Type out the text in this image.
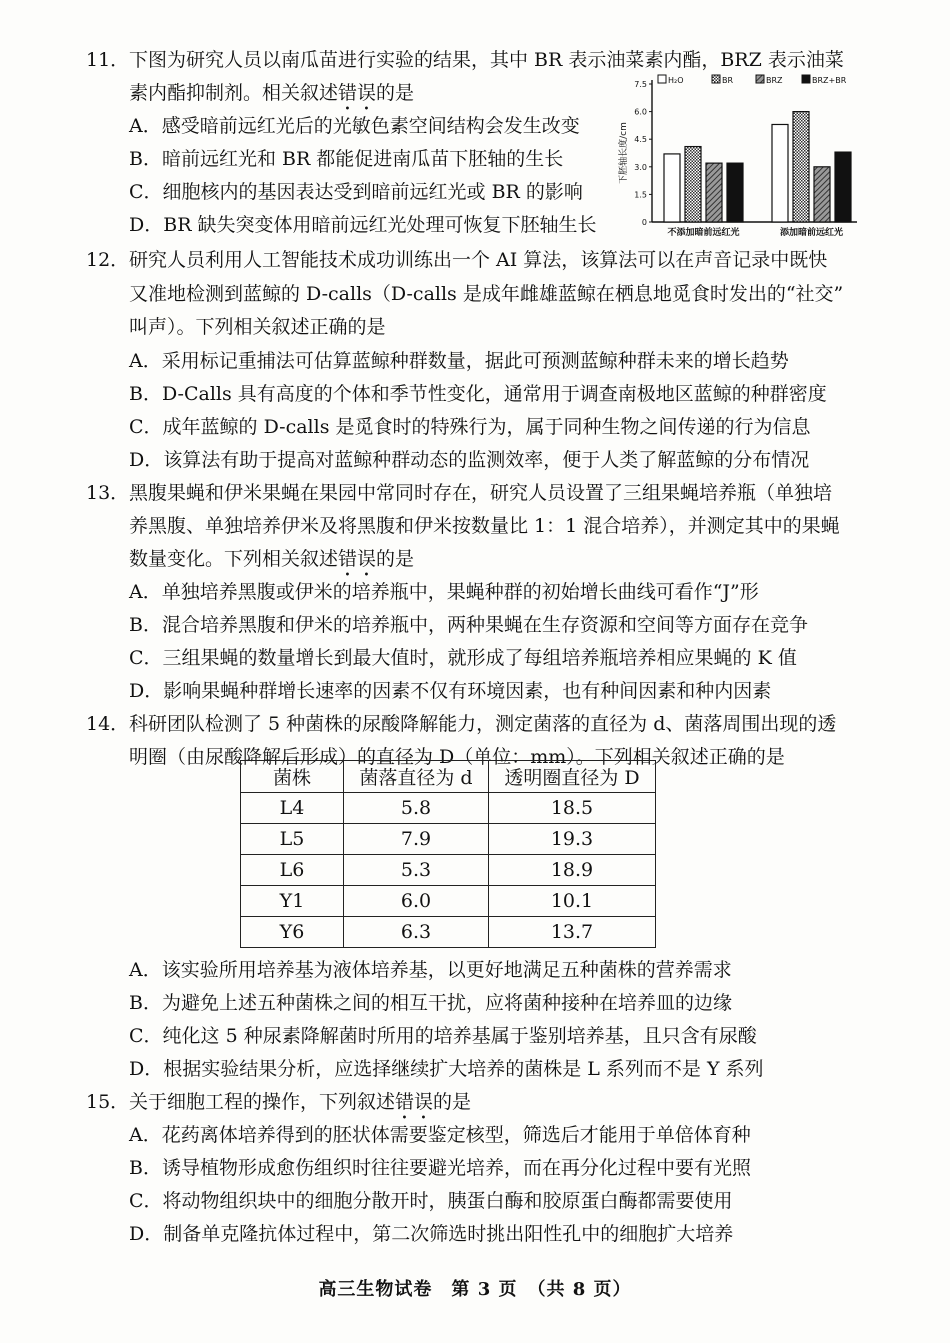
11． 下图为研究人员以南瓜苗进行实验的结果，其中 BR 表示油菜素内酯，BRZ 表示油菜
素内酯抑制剂。相关叙述错误的是
A．感受暗前远红光后的光敏色素空间结构会发生改变
B．暗前远红光和 BR 都能促进南瓜苗下胚轴的生长
C．细胞核内的基因表达受到暗前远红光或 BR 的影响
D．BR 缺失突变体用暗前远红光处理可恢复下胚轴生长	0
1.5
3.0
4.5
6.0
7.5
下胚轴长度/cm
H₂O	BR	BRZ	BRZ+BR
不添加暗前远红光	添加暗前远红光
12． 研究人员利用人工智能技术成功训练出一个 AI 算法，该算法可以在声音记录中既快
又准地检测到蓝鲸的 D-calls（D-calls 是成年雌雄蓝鲸在栖息地觅食时发出的“社交”
叫声）。下列相关叙述正确的是
A．采用标记重捕法可估算蓝鲸种群数量，据此可预测蓝鲸种群未来的增长趋势
B．D-Calls 具有高度的个体和季节性变化，通常用于调查南极地区蓝鲸的种群密度
C．成年蓝鲸的 D-calls 是觅食时的特殊行为，属于同种生物之间传递的行为信息
D．该算法有助于提高对蓝鲸种群动态的监测效率，便于人类了解蓝鲸的分布情况
13． 黑腹果蝇和伊米果蝇在果园中常同时存在，研究人员设置了三组果蝇培养瓶（单独培
养黑腹、单独培养伊米及将黑腹和伊米按数量比 1：1 混合培养），并测定其中的果蝇
数量变化。下列相关叙述错误的是
A．单独培养黑腹或伊米的培养瓶中，果蝇种群的初始增长曲线可看作“J”形
B．混合培养黑腹和伊米的培养瓶中，两种果蝇在生存资源和空间等方面存在竞争
C．三组果蝇的数量增长到最大值时，就形成了每组培养瓶培养相应果蝇的 K 值
D．影响果蝇种群增长速率的因素不仅有环境因素，也有种间因素和种内因素
14． 科研团队检测了 5 种菌株的尿酸降解能力，测定菌落的直径为 d、菌落周围出现的透
明圈（由尿酸降解后形成）的直径为 D（单位：mm）。下列相关叙述正确的是
菌株	菌落直径为 d	透明圈直径为 D
L4	5.8	18.5
L5	7.9	19.3
L6	5.3	18.9
Y1	6.0	10.1
Y6	6.3	13.7
A．该实验所用培养基为液体培养基，以更好地满足五种菌株的营养需求
B．为避免上述五种菌株之间的相互干扰，应将菌种接种在培养皿的边缘
C．纯化这 5 种尿素降解菌时所用的培养基属于鉴别培养基，且只含有尿酸
D．根据实验结果分析，应选择继续扩大培养的菌株是 L 系列而不是 Y 系列
15． 关于细胞工程的操作，下列叙述错误的是
A．花药离体培养得到的胚状体需要鉴定核型，筛选后才能用于单倍体育种
B．诱导植物形成愈伤组织时往往要避光培养，而在再分化过程中要有光照
C．将动物组织块中的细胞分散开时，胰蛋白酶和胶原蛋白酶都需要使用
D．制备单克隆抗体过程中，第二次筛选时挑出阳性孔中的细胞扩大培养
高三生物试卷　第 3 页　（共 8 页）
